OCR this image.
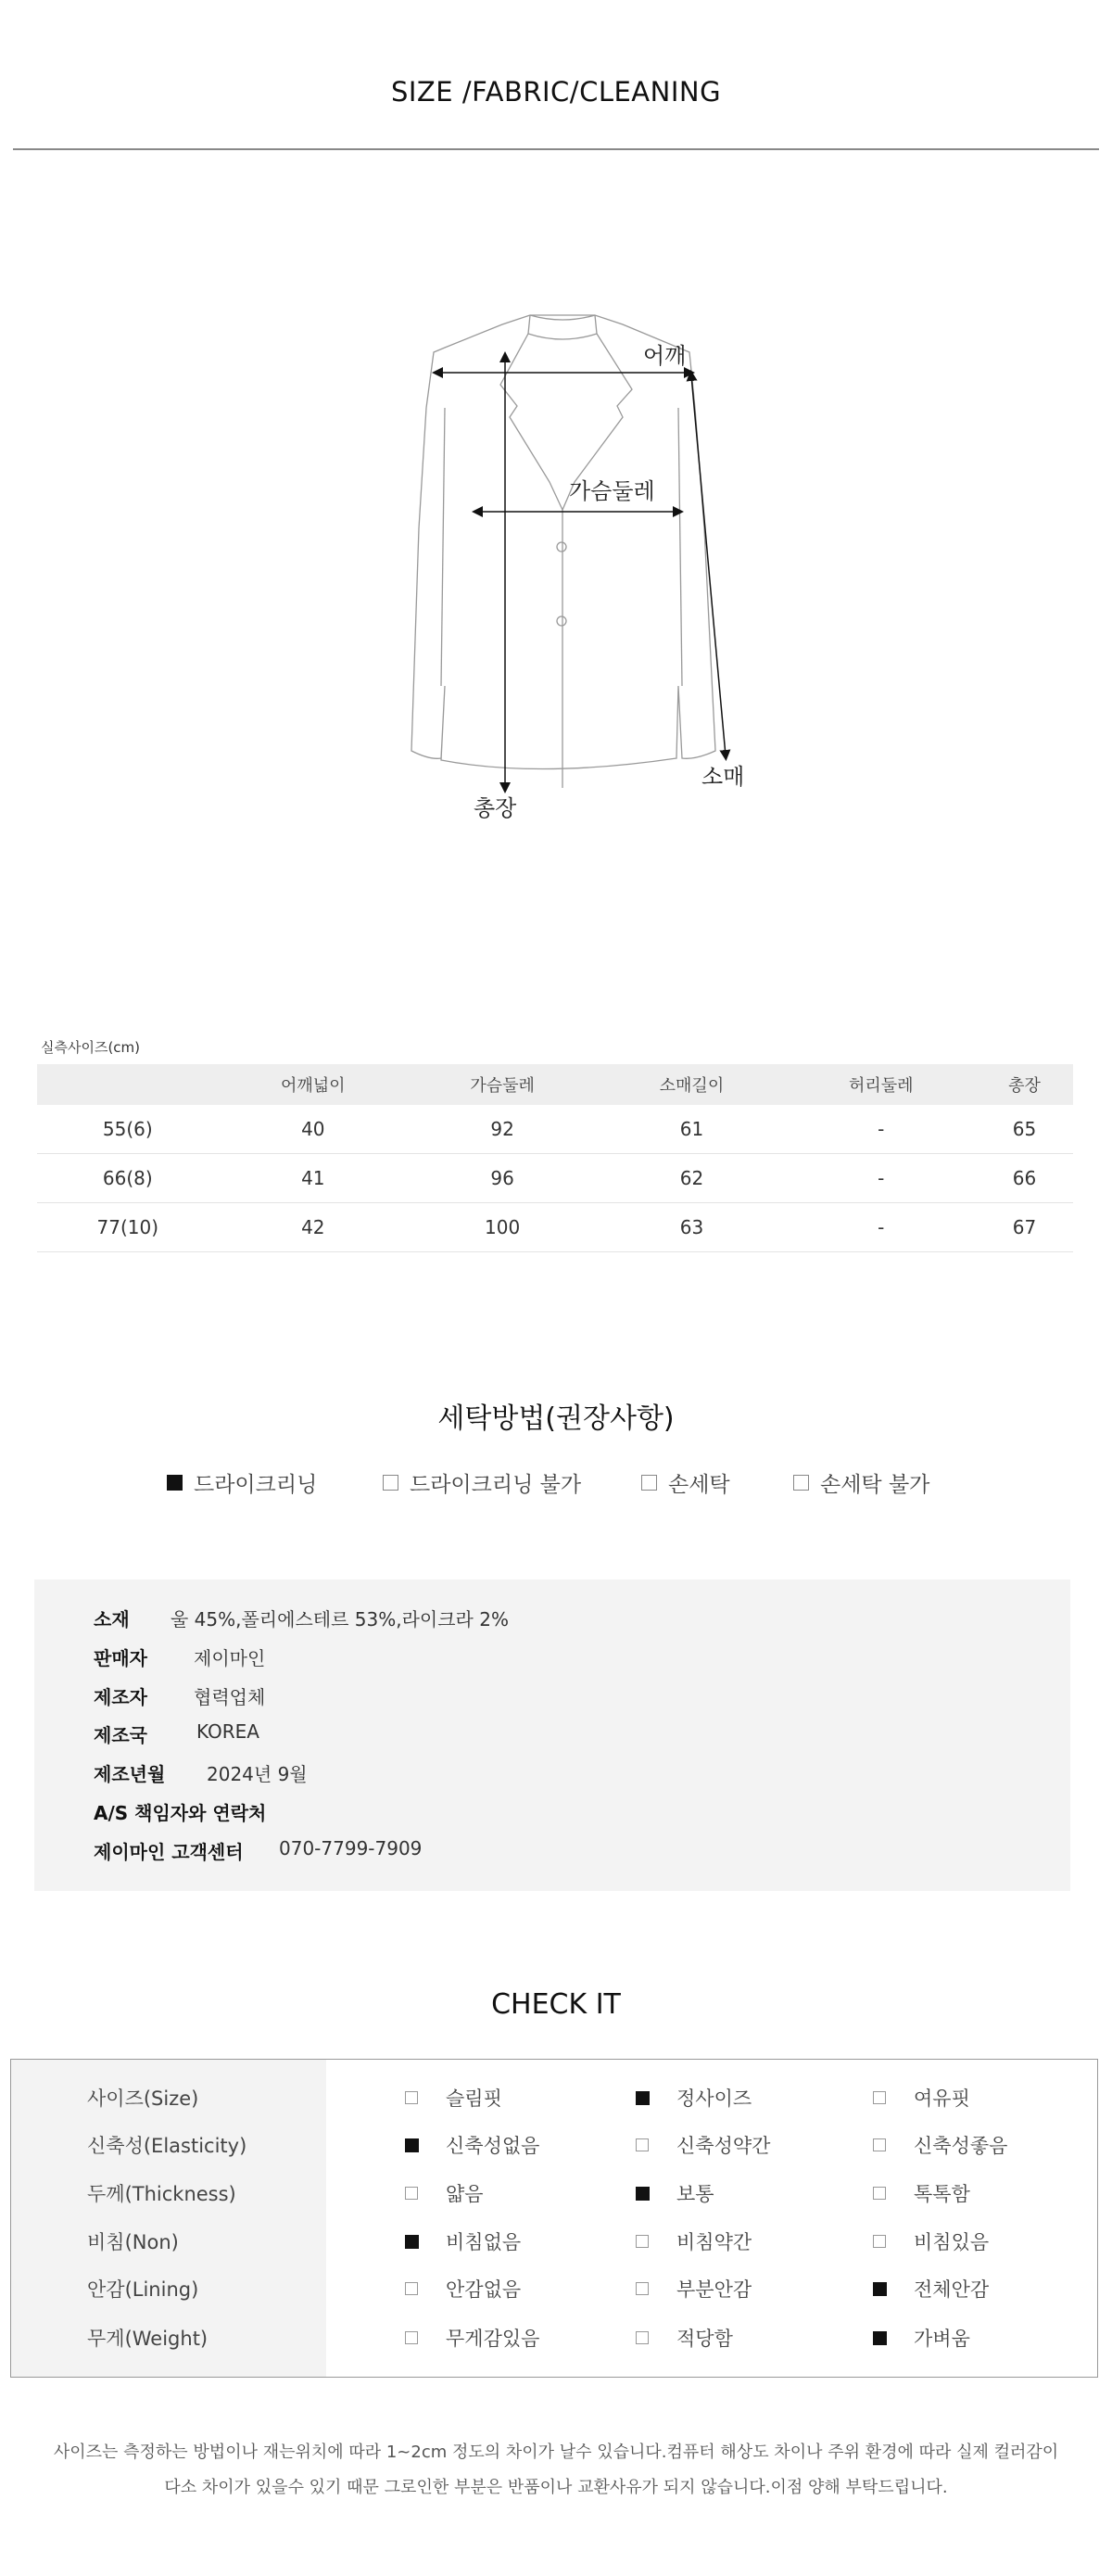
SIZE /FABRIC/CLEANING
어깨
가슴둘레
소매
총장
실측사이즈(cm)
	어깨넓이	가슴둘레	소매길이	허리둘레	총장
55(6)	40	92	61	-	65
66(8)	41	96	62	-	66
77(10)	42	100	63	-	67
세탁방법(권장사항)
드라이크리닝	드라이크리닝 불가	손세탁	손세탁 불가
소재	울 45%,폴리에스테르 53%,라이크라 2%
판매자	제이마인
제조자	협력업체
제조국	KOREA
제조년월	2024년 9월
A/S 책임자와 연락처
제이마인 고객센터	070-7799-7909
CHECK IT
사이즈(Size)	슬림핏	정사이즈	여유핏
신축성(Elasticity)	신축성없음	신축성약간	신축성좋음
두께(Thickness)	얇음	보통	톡톡함
비침(Non)	비침없음	비침약간	비침있음
안감(Lining)	안감없음	부분안감	전체안감
무게(Weight)	무게감있음	적당함	가벼움
사이즈는 측정하는 방법이나 재는위치에 따라 1~2cm 정도의 차이가 날수 있습니다.컴퓨터 해상도 차이나 주위 환경에 따라 실제 컬러감이
다소 차이가 있을수 있기 때문 그로인한 부분은 반품이나 교환사유가 되지 않습니다.이점 양해 부탁드립니다.
